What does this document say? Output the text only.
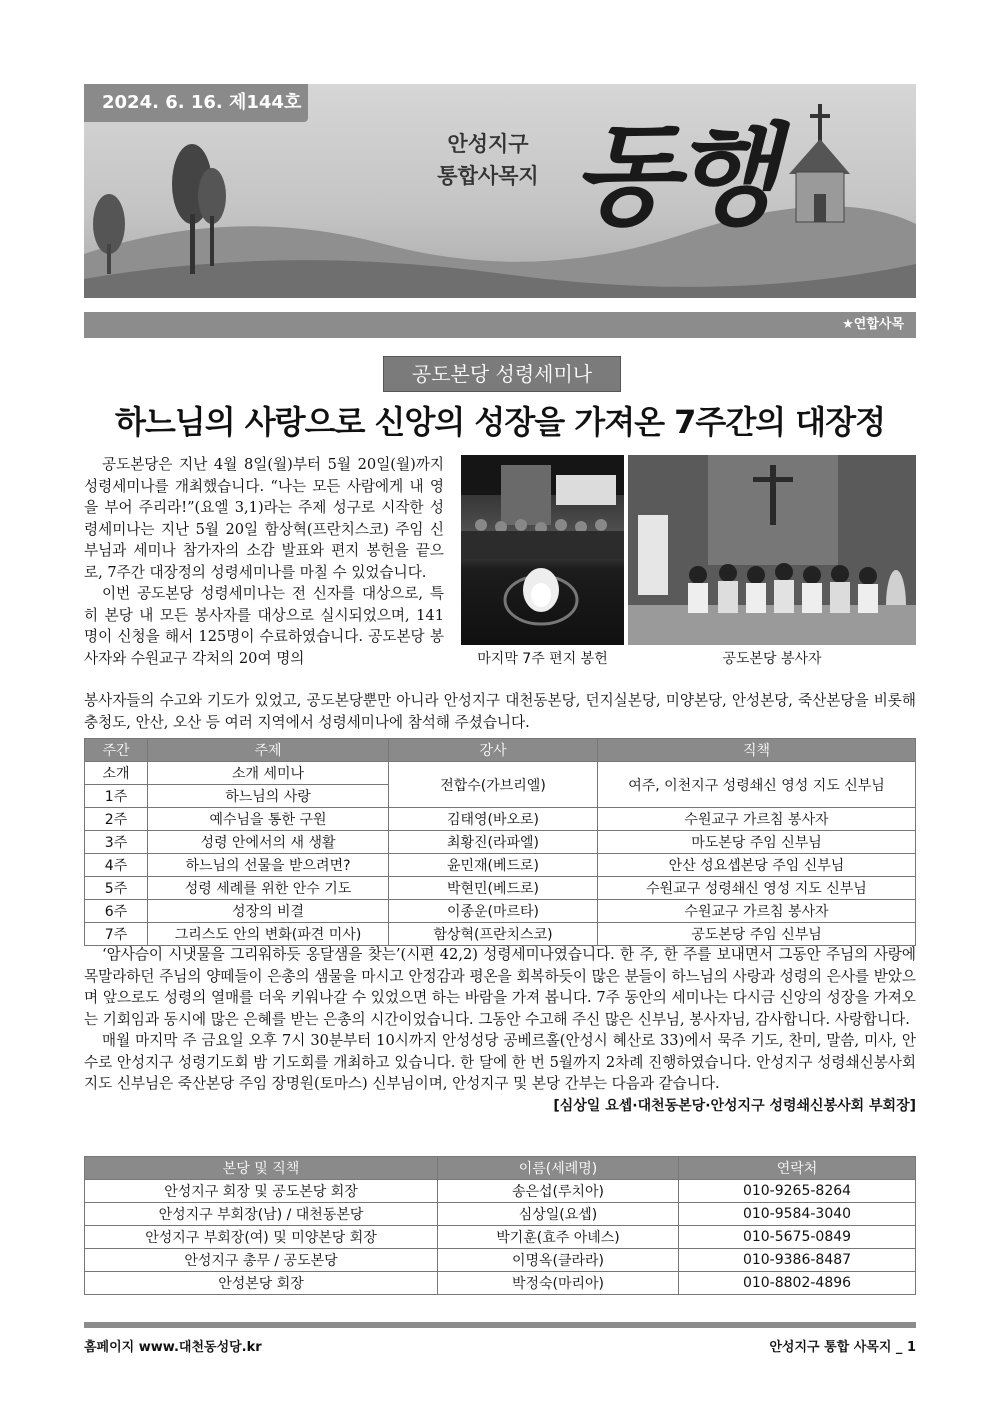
2024. 6. 16. 제144호
안성지구
통합사목지 동행
★연합사목
공도본당 성령세미나
하느님의 사랑으로 신앙의 성장을 가져온 7주간의 대장정

공도본당은 지난 4월 8일(월)부터 5월 20일(월)까지 성령세미나를 개최했습니다. “나는 모든 사람에게 내 영을 부어 주리라!”(요엘 3,1)라는 주제 성구로 시작한 성령세미나는 지난 5월 20일 함상혁(프란치스코) 주임 신부님과 세미나 참가자의 소감 발표와 편지 봉헌을 끝으로, 7주간 대장정의 성령세미나를 마칠 수 있었습니다.

이번 공도본당 성령세미나는 전 신자를 대상으로, 특히 본당 내 모든 봉사자를 대상으로 실시되었으며, 141명이 신청을 해서 125명이 수료하였습니다. 공도본당 봉사자와 수원교구 각처의 20여 명의	마지막 7주 편지 봉헌	공도본당 봉사자

봉사자들의 수고와 기도가 있었고, 공도본당뿐만 아니라 안성지구 대천동본당, 던지실본당, 미양본당, 안성본당, 죽산본당을 비롯해 충청도, 안산, 오산 등 여러 지역에서 성령세미나에 참석해 주셨습니다.

주간	주제	강사	직책
소개	소개 세미나	전합수(가브리엘)	여주, 이천지구 성령쇄신 영성 지도 신부님
1주	하느님의 사랑		
2주	예수님을 통한 구원	김태영(바오로)	수원교구 가르침 봉사자
3주	성령 안에서의 새 생활	최황진(라파엘)	마도본당 주임 신부님
4주	하느님의 선물을 받으려면?	윤민재(베드로)	안산 성요셉본당 주임 신부님
5주	성령 세례를 위한 안수 기도	박현민(베드로)	수원교구 성령쇄신 영성 지도 신부님
6주	성장의 비결	이종운(마르타)	수원교구 가르침 봉사자
7주	그리스도 안의 변화(파견 미사)	함상혁(프란치스코)	공도본당 주임 신부님

‘암사슴이 시냇물을 그리워하듯 옹달샘을 찾는’(시편 42,2) 성령세미나였습니다. 한 주, 한 주를 보내면서 그동안 주님의 사랑에 목말라하던 주님의 양떼들이 은총의 샘물을 마시고 안정감과 평온을 회복하듯이 많은 분들이 하느님의 사랑과 성령의 은사를 받았으며 앞으로도 성령의 열매를 더욱 키워나갈 수 있었으면 하는 바람을 가져 봅니다. 7주 동안의 세미나는 다시금 신앙의 성장을 가져오는 기회임과 동시에 많은 은혜를 받는 은총의 시간이었습니다. 그동안 수고해 주신 많은 신부님, 봉사자님, 감사합니다. 사랑합니다.

매월 마지막 주 금요일 오후 7시 30분부터 10시까지 안성성당 공베르홀(안성시 혜산로 33)에서 묵주 기도, 찬미, 말씀, 미사, 안수로 안성지구 성령기도회 밤 기도회를 개최하고 있습니다. 한 달에 한 번 5월까지 2차례 진행하였습니다. 안성지구 성령쇄신봉사회 지도 신부님은 죽산본당 주임 장명원(토마스) 신부님이며, 안성지구 및 본당 간부는 다음과 같습니다.

[심상일 요셉·대천동본당·안성지구 성령쇄신봉사회 부회장]

본당 및 직책	이름(세례명)	연락처
안성지구 회장 및 공도본당 회장	송은섭(루치아)	010-9265-8264
안성지구 부회장(남) / 대천동본당	심상일(요셉)	010-9584-3040
안성지구 부회장(여) 및 미양본당 회장	박기훈(효주 아녜스)	010-5675-0849
안성지구 총무 / 공도본당	이명옥(클라라)	010-9386-8487
안성본당 회장	박정숙(마리아)	010-8802-4896
홈페이지 www.대천동성당.kr	안성지구 통합 사목지 _ 1
